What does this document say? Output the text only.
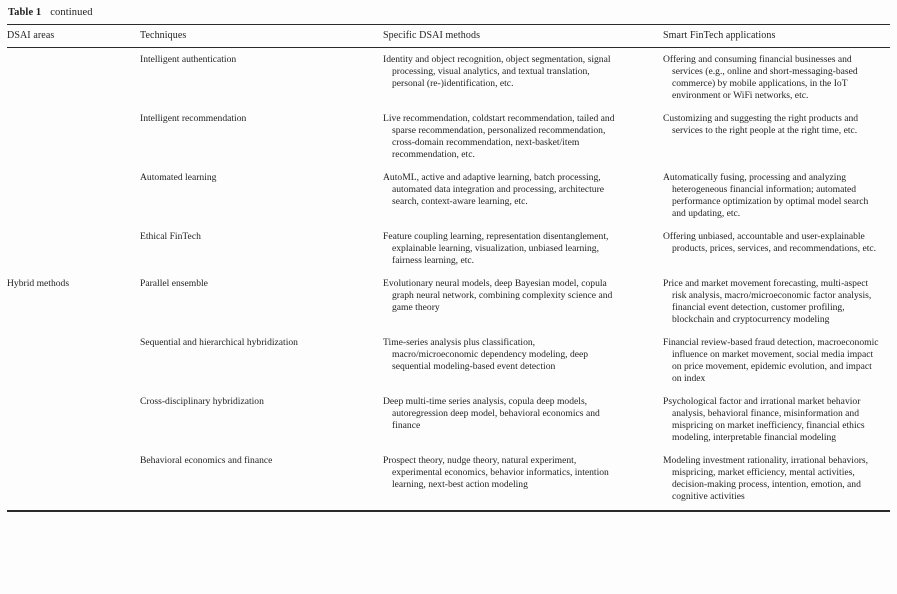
Table 1 continued
DSAI areas	Techniques	Specific DSAI methods	Smart FinTech applications

	Intelligent authentication	Identity and object recognition, object segmentation, signal processing, visual analytics, and textual translation, personal (re-)identification, etc.	Offering and consuming financial businesses and services (e.g., online and short-messaging-based commerce) by mobile applications, in the IoT environment or WiFi networks, etc.

	Intelligent recommendation	Live recommendation, coldstart recommendation, tailed and sparse recommendation, personalized recommendation, cross-domain recommendation, next-basket/item recommendation, etc.	Customizing and suggesting the right products and services to the right people at the right time, etc.

	Automated learning	AutoML, active and adaptive learning, batch processing, automated data integration and processing, architecture search, context-aware learning, etc.	Automatically fusing, processing and analyzing heterogeneous financial information; automated performance optimization by optimal model search and updating, etc.

	Ethical FinTech	Feature coupling learning, representation disentanglement, explainable learning, visualization, unbiased learning, fairness learning, etc.	Offering unbiased, accountable and user-explainable products, prices, services, and recommendations, etc.

Hybrid methods	Parallel ensemble	Evolutionary neural models, deep Bayesian model, copula graph neural network, combining complexity science and game theory	Price and market movement forecasting, multi-aspect risk analysis, macro/microeconomic factor analysis, financial event detection, customer profiling, blockchain and cryptocurrency modeling

	Sequential and hierarchical hybridization	Time-series analysis plus classification, macro/microeconomic dependency modeling, deep sequential modeling-based event detection	Financial review-based fraud detection, macroeconomic influence on market movement, social media impact on price movement, epidemic evolution, and impact on index

	Cross-disciplinary hybridization	Deep multi-time series analysis, copula deep models, autoregression deep model, behavioral economics and finance	Psychological factor and irrational market behavior analysis, behavioral finance, misinformation and mispricing on market inefficiency, financial ethics modeling, interpretable financial modeling

	Behavioral economics and finance	Prospect theory, nudge theory, natural experiment, experimental economics, behavior informatics, intention learning, next-best action modeling	Modeling investment rationality, irrational behaviors, mispricing, market efficiency, mental activities, decision-making process, intention, emotion, and cognitive activities
